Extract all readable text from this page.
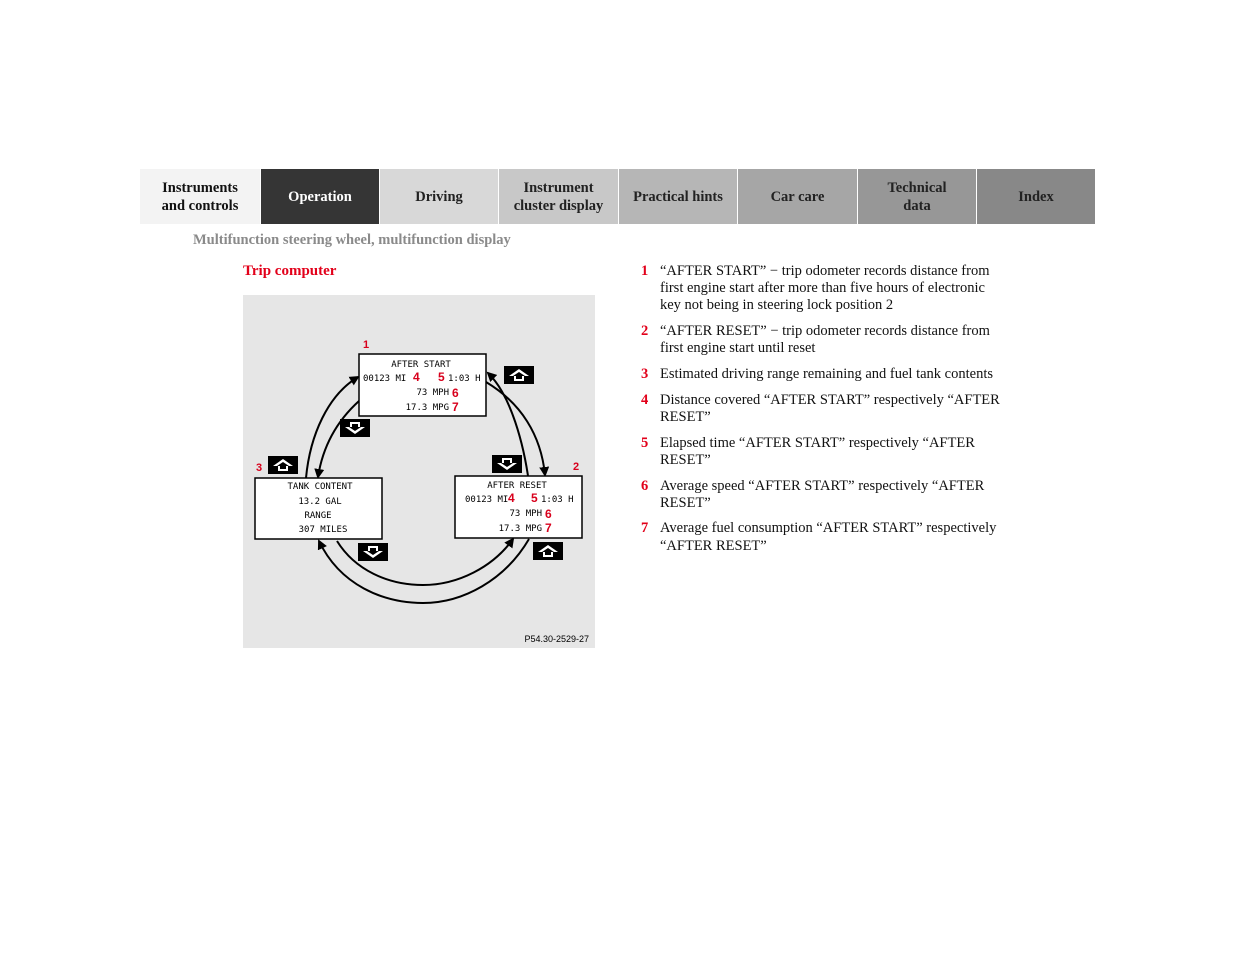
Instruments
and controls
Operation	Driving
Instrument
cluster display
Practical hints	Car care
Technical
data
Index
Multifunction steering wheel, multifunction display
Trip computer
AFTER START
00123 MI	1:03 H
73 MPH
17.3 MPG
4 5
6
7
1
AFTER RESET
00123 MI	1:03 H
73 MPH
17.3 MPG
4 5
6
7
2
TANK CONTENT
13.2 GAL
RANGE
307 MILES
3
P54.30-2529-27
1 “AFTER START” − trip odometer records distance from first engine start after more than five hours of electronic key not being in steering lock position 2
2 “AFTER RESET” − trip odometer records distance from first engine start until reset
3 Estimated driving range remaining and fuel tank contents
4 Distance covered “AFTER START” respectively “AFTER RESET”
5 Elapsed time “AFTER START” respectively “AFTER RESET”
6 Average speed “AFTER START” respectively “AFTER RESET”
7 Average fuel consumption “AFTER START” respectively “AFTER RESET”
